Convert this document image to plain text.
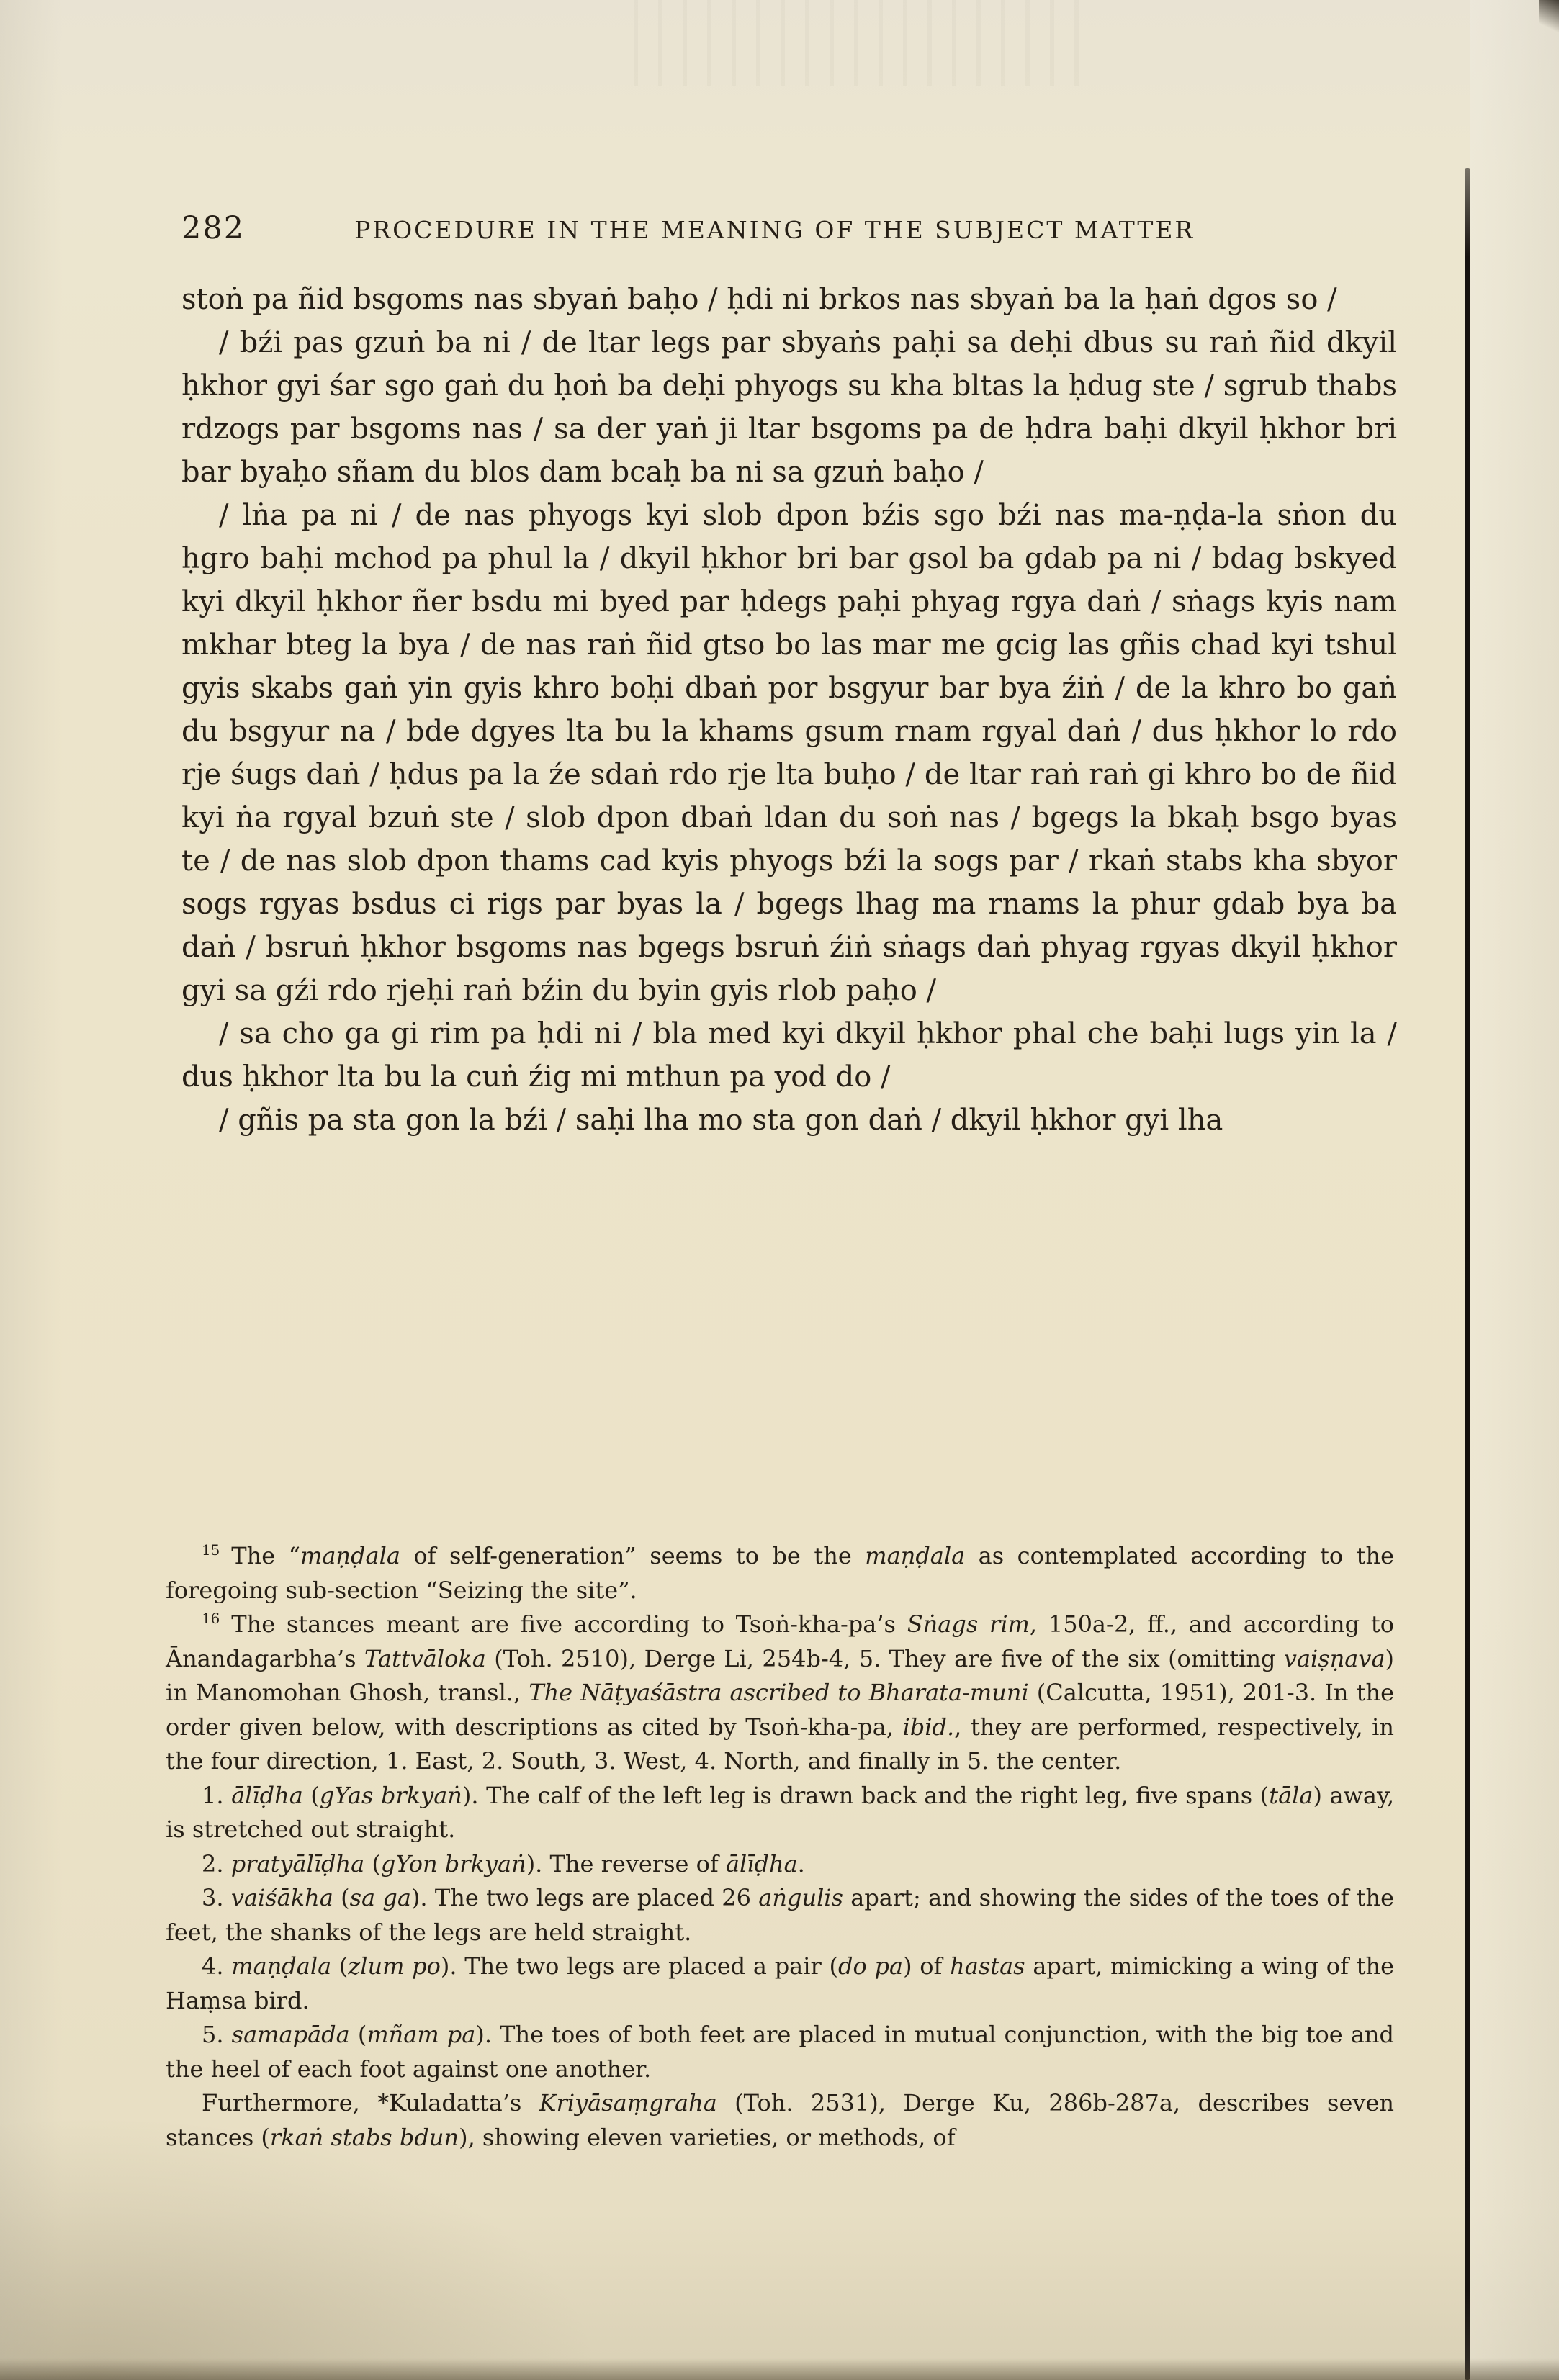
282	PROCEDURE IN THE MEANING OF THE SUBJECT MATTER

stoṅ pa ñid bsgoms nas sbyaṅ baḥo / ḥdi ni brkos nas sbyaṅ ba la ḥaṅ dgos so /

/ bźi pas gzuṅ ba ni / de ltar legs par sbyaṅs paḥi sa deḥi dbus su raṅ ñid dkyil ḥkhor gyi śar sgo gaṅ du ḥoṅ ba deḥi phyogs su kha bltas la ḥdug ste / sgrub thabs rdzogs par bsgoms nas / sa der yaṅ ji ltar bsgoms pa de ḥdra baḥi dkyil ḥkhor bri bar byaḥo sñam du blos dam bcaḥ ba ni sa gzuṅ baḥo /

/ lṅa pa ni / de nas phyogs kyi slob dpon bźis sgo bźi nas ma-ṇḍa-la sṅon du ḥgro baḥi mchod pa phul la / dkyil ḥkhor bri bar gsol ba gdab pa ni / bdag bskyed kyi dkyil ḥkhor ñer bsdu mi byed par ḥdegs paḥi phyag rgya daṅ / sṅags kyis nam mkhar bteg la bya / de nas raṅ ñid gtso bo las mar me gcig las gñis chad kyi tshul gyis skabs gaṅ yin gyis khro boḥi dbaṅ por bsgyur bar bya źiṅ / de la khro bo gaṅ du bsgyur na / bde dgyes lta bu la khams gsum rnam rgyal daṅ / dus ḥkhor lo rdo rje śugs daṅ / ḥdus pa la źe sdaṅ rdo rje lta buḥo / de ltar raṅ raṅ gi khro bo de ñid kyi ṅa rgyal bzuṅ ste / slob dpon dbaṅ ldan du soṅ nas / bgegs la bkaḥ bsgo byas te / de nas slob dpon thams cad kyis phyogs bźi la sogs par / rkaṅ stabs kha sbyor sogs rgyas bsdus ci rigs par byas la / bgegs lhag ma rnams la phur gdab bya ba daṅ / bsruṅ ḥkhor bsgoms nas bgegs bsruṅ źiṅ sṅags daṅ phyag rgyas dkyil ḥkhor gyi sa gźi rdo rjeḥi raṅ bźin du byin gyis rlob paḥo /

/ sa cho ga gi rim pa ḥdi ni / bla med kyi dkyil ḥkhor phal che baḥi lugs yin la / dus ḥkhor lta bu la cuṅ źig mi mthun pa yod do /

/ gñis pa sta gon la bźi / saḥi lha mo sta gon daṅ / dkyil ḥkhor gyi lha

$^{15}$ The “maṇḍala of self-generation” seems to be the maṇḍala as contemplated according to the foregoing sub-section “Seizing the site”.

$^{16}$ The stances meant are five according to Tsoṅ-kha-pa’s Sṅags rim, 150a-2, ff., and according to Ānandagarbha’s Tattvāloka (Toh. 2510), Derge Li, 254b-4, 5. They are five of the six (omitting vaiṣṇava) in Manomohan Ghosh, transl., The Nāṭyaśāstra ascribed to Bharata-muni (Calcutta, 1951), 201-3. In the order given below, with descriptions as cited by Tsoṅ-kha-pa, ibid., they are performed, respectively, in the four direction, 1. East, 2. South, 3. West, 4. North, and finally in 5. the center.

1. ālīḍha (gYas brkyaṅ). The calf of the left leg is drawn back and the right leg, five spans (tāla) away, is stretched out straight.

2. pratyālīḍha (gYon brkyaṅ). The reverse of ālīḍha.

3. vaiśākha (sa ga). The two legs are placed 26 aṅgulis apart; and showing the sides of the toes of the feet, the shanks of the legs are held straight.

4. maṇḍala (zlum po). The two legs are placed a pair (do pa) of hastas apart, mimicking a wing of the Haṃsa bird.

5. samapāda (mñam pa). The toes of both feet are placed in mutual conjunction, with the big toe and the heel of each foot against one another.

Furthermore, *Kuladatta’s Kriyāsaṃgraha (Toh. 2531), Derge Ku, 286b-287a, describes seven stances (rkaṅ stabs bdun), showing eleven varieties, or methods, of
